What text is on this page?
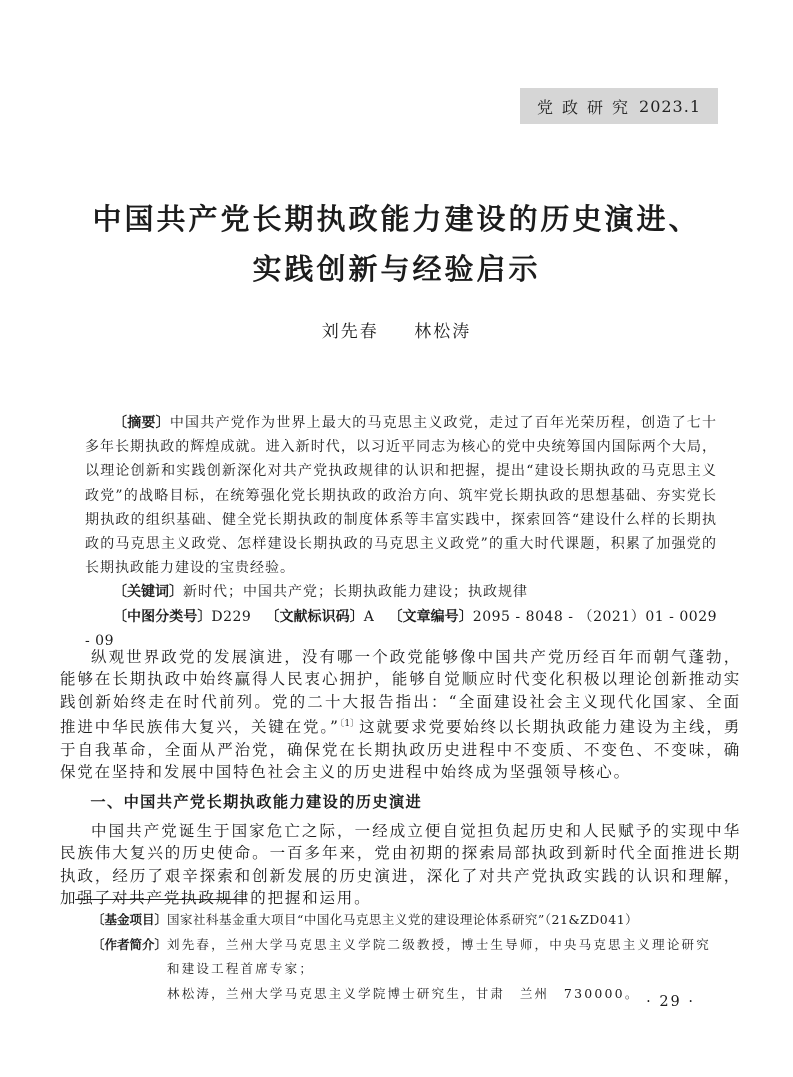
党政研究 2023.1
中国共产党长期执政能力建设的历史演进、
实践创新与经验启示
刘先春 林松涛

〔摘要〕中国共产党作为世界上最大的马克思主义政党，走过了百年光荣历程，创造了七十多年长期执政的辉煌成就。进入新时代，以习近平同志为核心的党中央统筹国内国际两个大局，以理论创新和实践创新深化对共产党执政规律的认识和把握，提出“建设长期执政的马克思主义政党”的战略目标，在统筹强化党长期执政的政治方向、筑牢党长期执政的思想基础、夯实党长期执政的组织基础、健全党长期执政的制度体系等丰富实践中，探索回答“建设什么样的长期执政的马克思主义政党、怎样建设长期执政的马克思主义政党”的重大时代课题，积累了加强党的长期执政能力建设的宝贵经验。

〔关键词〕新时代；中国共产党；长期执政能力建设；执政规律

〔中图分类号〕D229 〔文献标识码〕A 〔文章编号〕2095 - 8048 - （2021）01 - 0029 - 09

纵观世界政党的发展演进，没有哪一个政党能够像中国共产党历经百年而朝气蓬勃，能够在长期执政中始终赢得人民衷心拥护，能够自觉顺应时代变化积极以理论创新推动实践创新始终走在时代前列。党的二十大报告指出：“全面建设社会主义现代化国家、全面推进中华民族伟大复兴，关键在党。”$^{〔1〕}$这就要求党要始终以长期执政能力建设为主线，勇于自我革命，全面从严治党，确保党在长期执政历史进程中不变质、不变色、不变味，确保党在坚持和发展中国特色社会主义的历史进程中始终成为坚强领导核心。

一、中国共产党长期执政能力建设的历史演进

中国共产党诞生于国家危亡之际，一经成立便自觉担负起历史和人民赋予的实现中华民族伟大复兴的历史使命。一百多年来，党由初期的探索局部执政到新时代全面推进长期执政，经历了艰辛探索和创新发展的历史演进，深化了对共产党执政实践的认识和理解，加强了对共产党执政规律的把握和运用。

〔基金项目〕 国家社科基金重大项目“中国化马克思主义党的建设理论体系研究”（21&ZD041）
〔作者简介〕 刘先春，兰州大学马克思主义学院二级教授，博士生导师，中央马克思主义理论研究
和建设工程首席专家；
林松涛，兰州大学马克思主义学院博士研究生，甘肃　兰州　730000。
· 29 ·
